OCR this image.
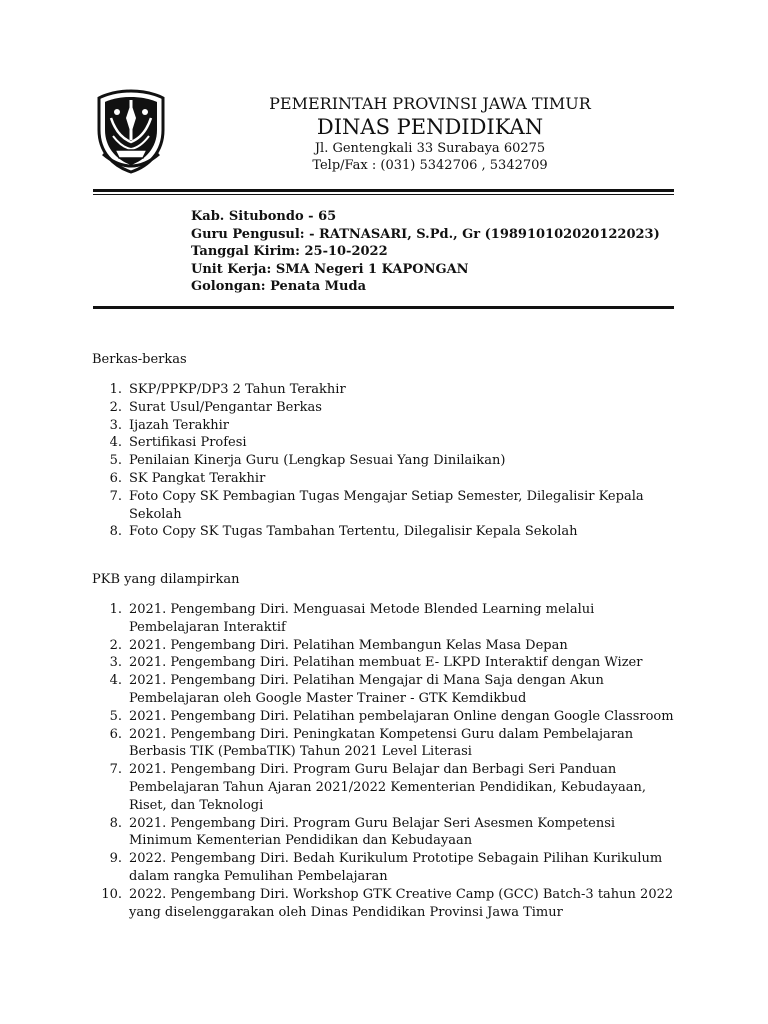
PEMERINTAH PROVINSI JAWA TIMUR
DINAS PENDIDIKAN
Jl. Gentengkali 33 Surabaya 60275
Telp/Fax : (031) 5342706 , 5342709
Kab. Situbondo - 65
Guru Pengusul: - RATNASARI, S.Pd., Gr (198910102020122023)
Tanggal Kirim: 25-10-2022
Unit Kerja: SMA Negeri 1 KAPONGAN
Golongan: Penata Muda
Berkas-berkas
1. SKP/PPKP/DP3 2 Tahun Terakhir
2. Surat Usul/Pengantar Berkas
3. Ijazah Terakhir
4. Sertifikasi Profesi
5. Penilaian Kinerja Guru (Lengkap Sesuai Yang Dinilaikan)
6. SK Pangkat Terakhir
7. Foto Copy SK Pembagian Tugas Mengajar Setiap Semester, Dilegalisir Kepala Sekolah
8. Foto Copy SK Tugas Tambahan Tertentu, Dilegalisir Kepala Sekolah
PKB yang dilampirkan
1. 2021. Pengembang Diri. Menguasai Metode Blended Learning melalui Pembelajaran Interaktif
2. 2021. Pengembang Diri. Pelatihan Membangun Kelas Masa Depan
3. 2021. Pengembang Diri. Pelatihan membuat E- LKPD Interaktif dengan Wizer
4. 2021. Pengembang Diri. Pelatihan Mengajar di Mana Saja dengan Akun Pembelajaran oleh Google Master Trainer - GTK Kemdikbud
5. 2021. Pengembang Diri. Pelatihan pembelajaran Online dengan Google Classroom
6. 2021. Pengembang Diri. Peningkatan Kompetensi Guru dalam Pembelajaran Berbasis TIK (PembaTIK) Tahun 2021 Level Literasi
7. 2021. Pengembang Diri. Program Guru Belajar dan Berbagi Seri Panduan Pembelajaran Tahun Ajaran 2021/2022 Kementerian Pendidikan, Kebudayaan, Riset, dan Teknologi
8. 2021. Pengembang Diri. Program Guru Belajar Seri Asesmen Kompetensi Minimum Kementerian Pendidikan dan Kebudayaan
9. 2022. Pengembang Diri. Bedah Kurikulum Prototipe Sebagain Pilihan Kurikulum dalam rangka Pemulihan Pembelajaran
10. 2022. Pengembang Diri. Workshop GTK Creative Camp (GCC) Batch-3 tahun 2022 yang diselenggarakan oleh Dinas Pendidikan Provinsi Jawa Timur
